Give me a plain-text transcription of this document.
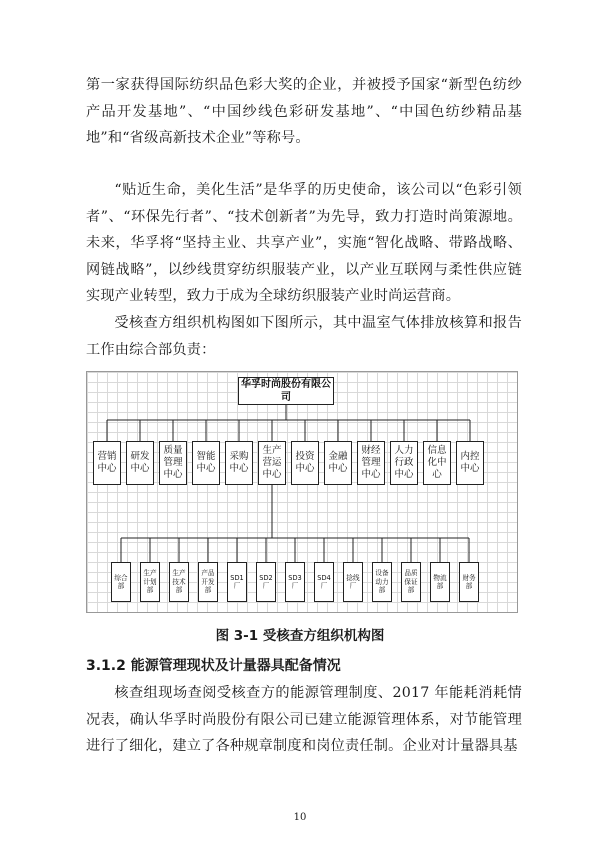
第一家获得国际纺织品色彩大奖的企业，并被授予国家“新型色纺纱产品开发基地”、“中国纱线色彩研发基地”、“中国色纺纱精品基地”和“省级高新技术企业”等称号。

“贴近生命，美化生活”是华孚的历史使命，该公司以“色彩引领者”、“环保先行者”、“技术创新者”为先导，致力打造时尚策源地。未来，华孚将“坚持主业、共享产业”，实施“智化战略、带路战略、网链战略”，以纱线贯穿纺织服装产业，以产业互联网与柔性供应链实现产业转型，致力于成为全球纺织服装产业时尚运营商。

受核查方组织机构图如下图所示，其中温室气体排放核算和报告工作由综合部负责：

华孚时尚股份有限公司
营销中心
研发中心
质量管理中心
智能中心
采购中心
生产营运中心
投资中心
金融中心
财经管理中心
人力行政中心
信息化中心
内控中心
综合部
生产计划部
生产技术部
产品开发部
SD1厂
SD2厂
SD3厂
SD4厂
捻线厂
设备动力部
品质保证部
物流部
财务部

图 3-1 受核查方组织机构图

3.1.2 能源管理现状及计量器具配备情况

核查组现场查阅受核查方的能源管理制度、2017 年能耗消耗情况表，确认华孚时尚股份有限公司已建立能源管理体系，对节能管理进行了细化，建立了各种规章制度和岗位责任制。企业对计量器具基

10
